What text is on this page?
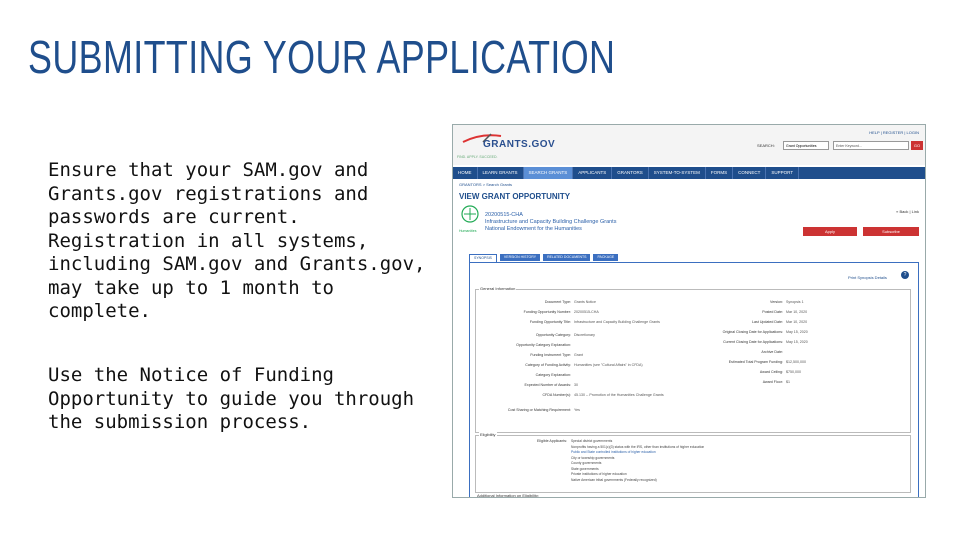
SUBMITTING YOUR APPLICATION
Ensure that your SAM.gov and Grants.gov registrations and passwords are current. Registration in all systems, including SAM.gov and Grants.gov, may take up to 1 month to complete.
Use the Notice of Funding Opportunity to guide you through the submission process.
GRANTS.GOV
FIND. APPLY. SUCCEED.
HELP | REGISTER | LOGIN
SEARCH:	Grant Opportunities	Enter Keyword...	GO
HOME	LEARN GRANTS	SEARCH GRANTS	APPLICANTS	GRANTORS	SYSTEM-TO-SYSTEM	FORMS	CONNECT	SUPPORT
GRANTORS > Search Grants
VIEW GRANT OPPORTUNITY
« Back | Link
Humanities
20200515-CHA
Infrastructure and Capacity Building Challenge Grants
National Endowment for the Humanities	Apply	Subscribe
SYNOPSIS	VERSION HISTORY	RELATED DOCUMENTS	PACKAGE
Print Synopsis Details	?
General Information
Eligibility
Eligible Applicants:
Additional Information on Eligibility:
Document Type: Grants Notice
Funding Opportunity Number: 20200515-CHA
Funding Opportunity Title: Infrastructure and Capacity Building Challenge Grants
Opportunity Category: Discretionary
Opportunity Category Explanation:
Funding Instrument Type: Grant
Category of Funding Activity: Humanities (see "Cultural Affairs" in CFDA)
Category Explanation:
Expected Number of Awards: 30
CFDA Number(s): 45.130 -- Promotion of the Humanities Challenge Grants
Cost Sharing or Matching Requirement: Yes
Version: Synopsis 1
Posted Date: Mar 10, 2020
Last Updated Date: Mar 10, 2020
Original Closing Date for Applications: May 15, 2020
Current Closing Date for Applications: May 15, 2020
Archive Date:
Estimated Total Program Funding: $12,500,000
Award Ceiling: $750,000
Award Floor: $1
Special district governments
Nonprofits having a 501(c)(3) status with the IRS, other than institutions of higher education
Public and State controlled institutions of higher education
City or township governments
County governments
State governments
Private institutions of higher education
Native American tribal governments (Federally recognized)
